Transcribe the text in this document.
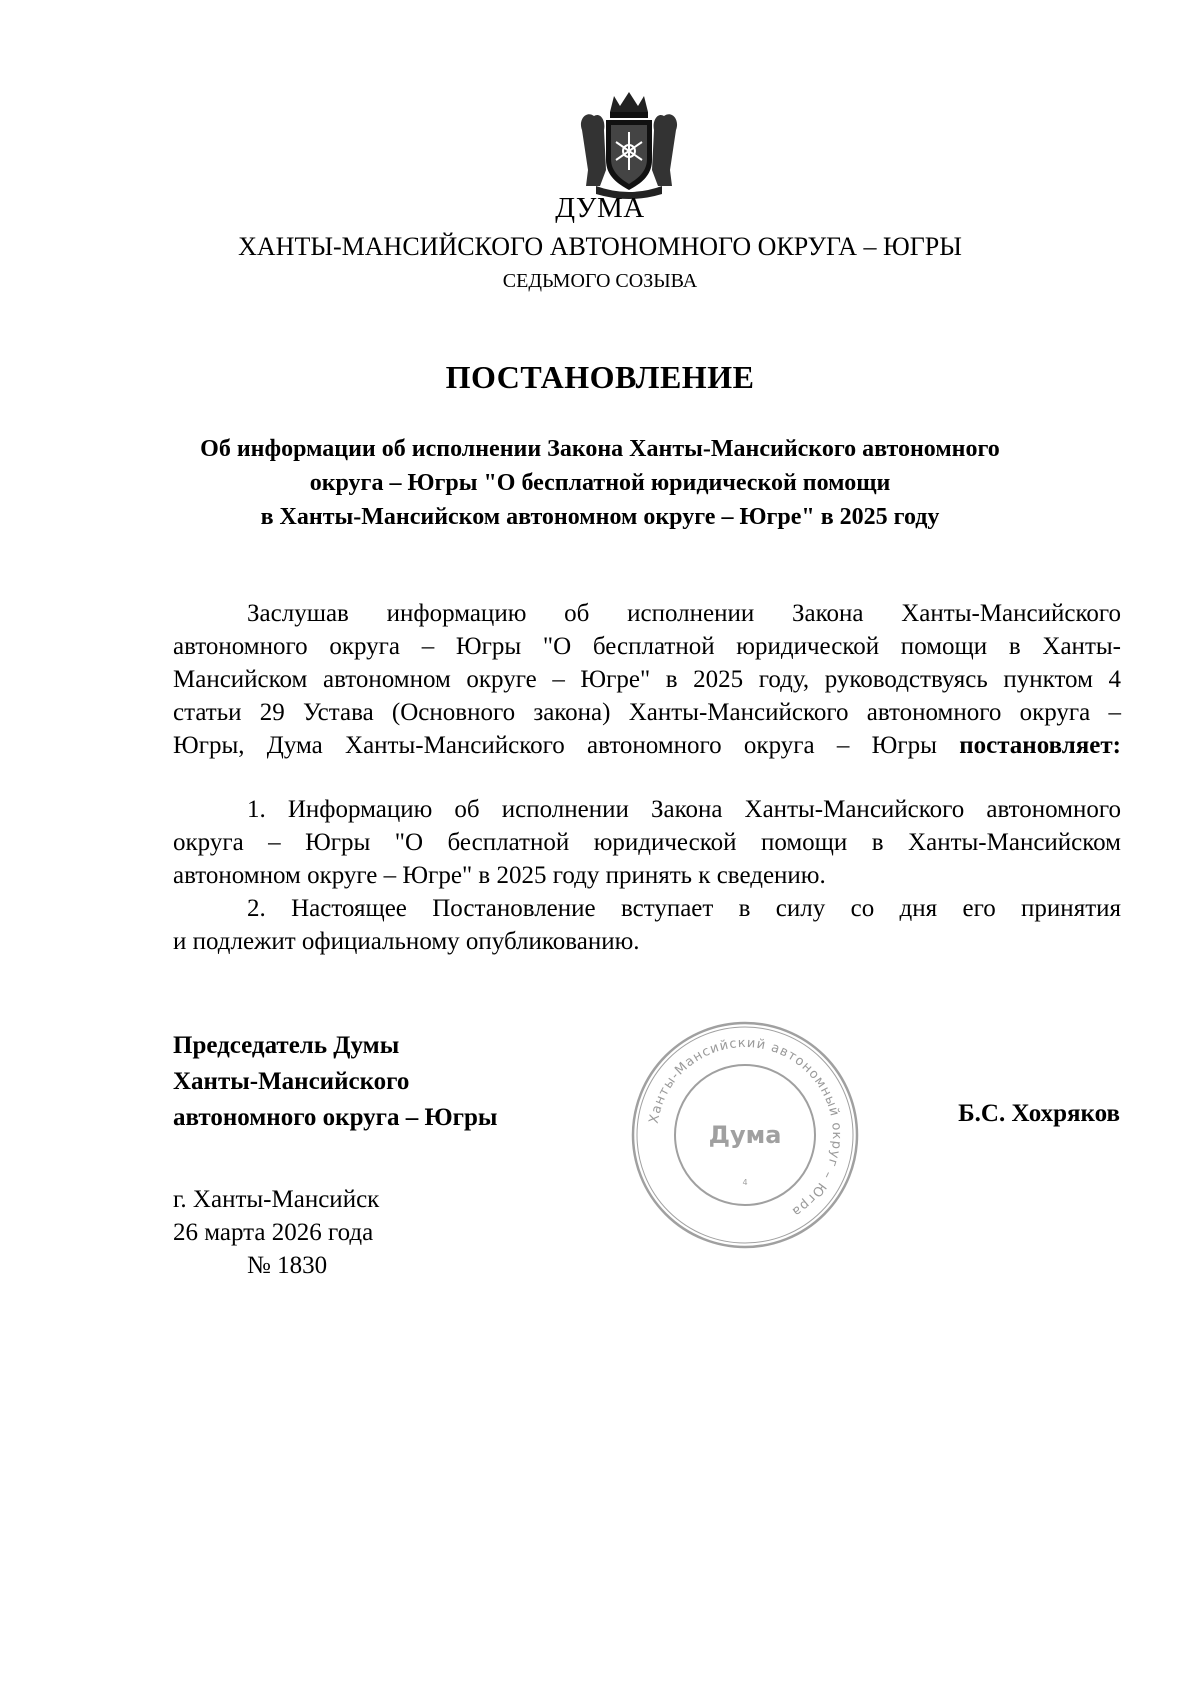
ДУМА
ХАНТЫ-МАНСИЙСКОГО АВТОНОМНОГО ОКРУГА – ЮГРЫ
СЕДЬМОГО СОЗЫВА
ПОСТАНОВЛЕНИЕ
Об информации об исполнении Закона Ханты-Мансийского автономного
округа – Югры "О бесплатной юридической помощи
в Ханты-Мансийском автономном округе – Югре" в 2025 году
Заслушав информацию об исполнении Закона Ханты-Мансийского
автономного округа – Югры "О бесплатной юридической помощи в Ханты-
Мансийском автономном округе – Югре" в 2025 году, руководствуясь пунктом 4
статьи 29 Устава (Основного закона) Ханты-Мансийского автономного округа –
Югры, Дума Ханты-Мансийского автономного округа – Югры постановляет:
1. Информацию об исполнении Закона Ханты-Мансийского автономного
округа – Югры "О бесплатной юридической помощи в Ханты-Мансийском
автономном округе – Югре" в 2025 году принять к сведению.
2. Настоящее Постановление вступает в силу со дня его принятия
и подлежит официальному опубликованию.
Председатель Думы
Ханты-Мансийского
автономного округа – Югры	Ханты-Мансийский автономный округ – Югра
Дума
4
Б.С. Хохряков
г. Ханты-Мансийск
26 марта 2026 года
№ 1830
